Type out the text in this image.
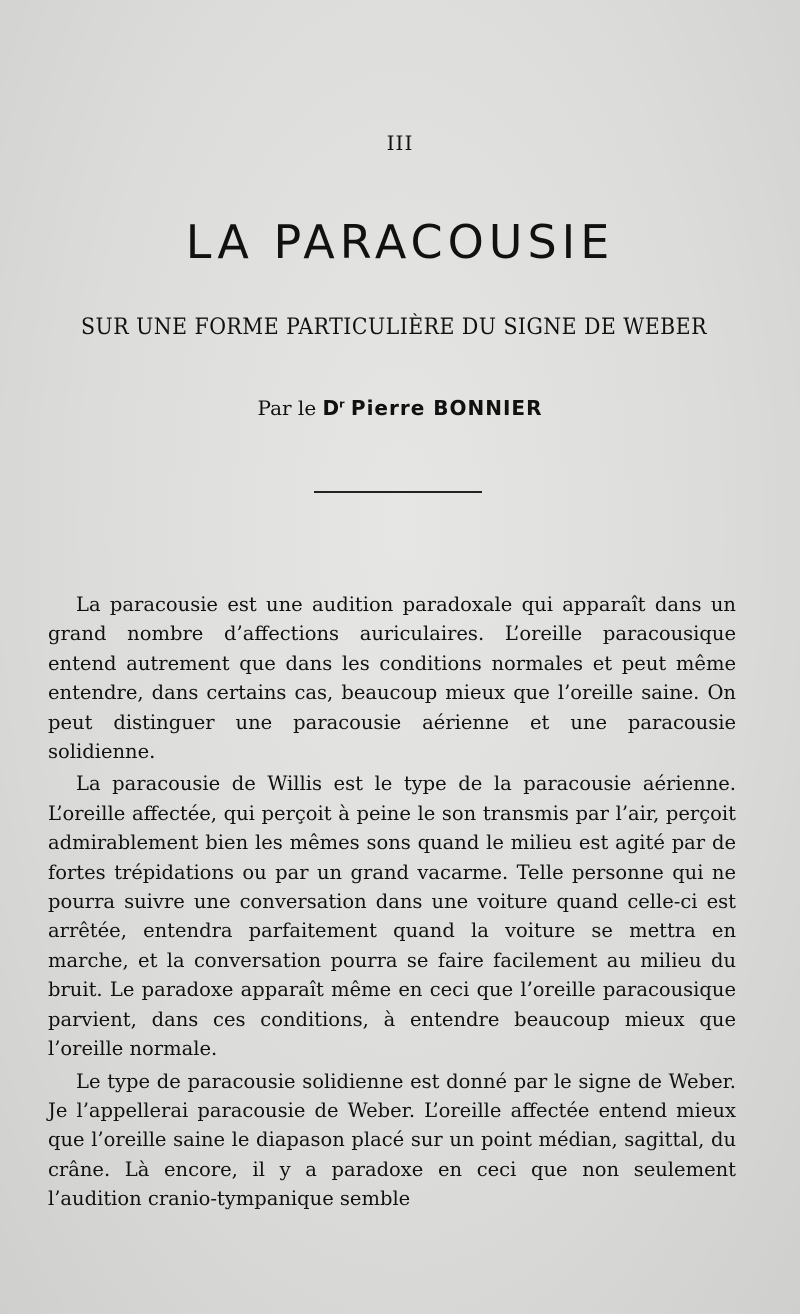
III
LA PARACOUSIE
SUR UNE FORME PARTICULIÈRE DU SIGNE DE WEBER
Par le $D^r$ Pierre BONNIER

La paracousie est une audition paradoxale qui apparaît dans un grand nombre d’affections auriculaires. L’oreille paracousique entend autrement que dans les conditions normales et peut même entendre, dans certains cas, beaucoup mieux que l’oreille saine. On peut distinguer une paracousie aérienne et une paracousie solidienne.

La paracousie de Willis est le type de la paracousie aérienne. L’oreille affectée, qui perçoit à peine le son transmis par l’air, perçoit admirablement bien les mêmes sons quand le milieu est agité par de fortes trépidations ou par un grand vacarme. Telle personne qui ne pourra suivre une conversation dans une voiture quand celle-ci est arrêtée, entendra parfaitement quand la voiture se mettra en marche, et la conversation pourra se faire facilement au milieu du bruit. Le paradoxe apparaît même en ceci que l’oreille paracousique parvient, dans ces conditions, à entendre beaucoup mieux que l’oreille normale.

Le type de paracousie solidienne est donné par le signe de Weber. Je l’appellerai paracousie de Weber. L’oreille affectée entend mieux que l’oreille saine le diapason placé sur un point médian, sagittal, du crâne. Là encore, il y a paradoxe en ceci que non seulement l’audition cranio-tympanique semble
